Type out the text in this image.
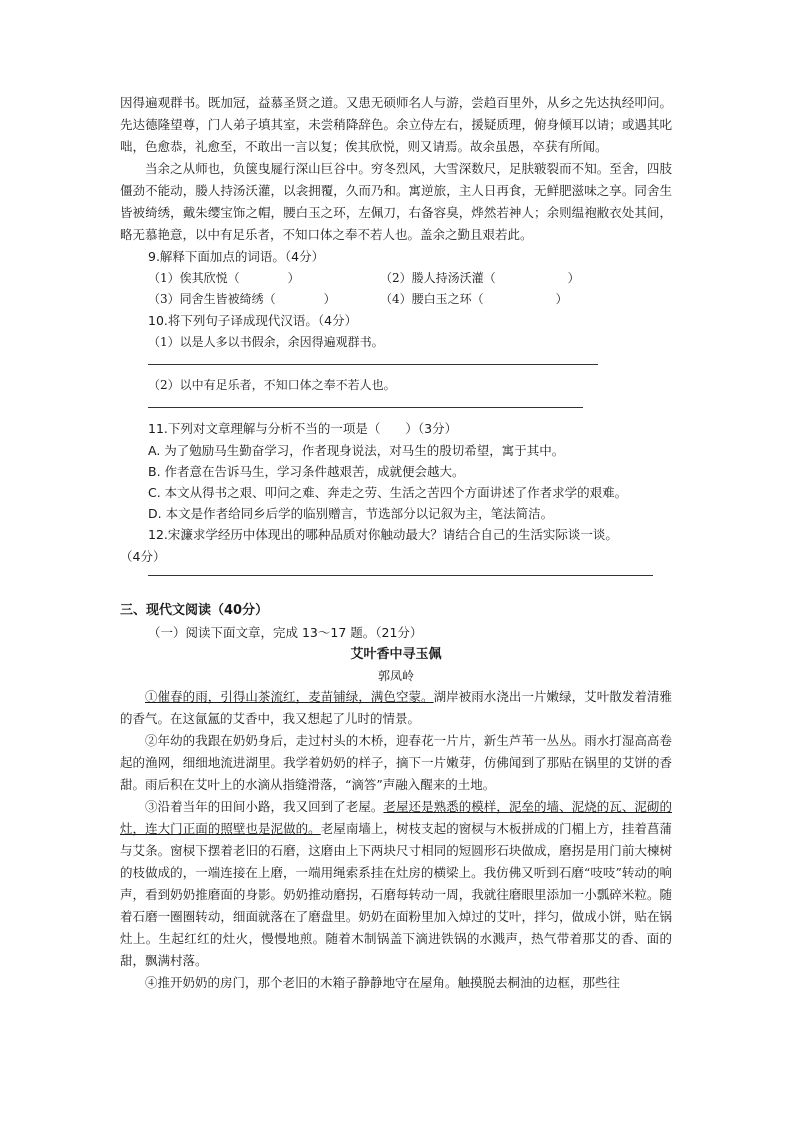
因得遍观群书。既加冠，益慕圣贤之道。又患无硕师名人与游，尝趋百里外，从乡之先达执经叩问。先达德隆望尊，门人弟子填其室，未尝稍降辞色。余立侍左右，援疑质理，俯身倾耳以请；或遇其叱咄，色愈恭，礼愈至，不敢出一言以复；俟其欣悦，则又请焉。故余虽愚，卒获有所闻。

当余之从师也，负箧曳屣行深山巨谷中。穷冬烈风，大雪深数尺，足肤皲裂而不知。至舍，四肢僵劲不能动，媵人持汤沃灌，以衾拥覆，久而乃和。寓逆旅，主人日再食，无鲜肥滋味之享。同舍生皆被绮绣，戴朱缨宝饰之帽，腰白玉之环，左佩刀，右备容臭，烨然若神人；余则缊袍敝衣处其间，略无慕艳意，以中有足乐者，不知口体之奉不若人也。盖余之勤且艰若此。

9.解释下面加点的词语。（4分）

（1）俟其欣悦（　　　　）	（2）媵人持汤沃灌（　　　　　　）
（3）同舍生皆被绮绣（　　　　）	（4）腰白玉之环（　　　　　　）

10.将下列句子译成现代汉语。（4分）

（1）以是人多以书假余，余因得遍观群书。

（2）以中有足乐者，不知口体之奉不若人也。

11.下列对文章理解与分析不当的一项是（　　）（3分）

A. 为了勉励马生勤奋学习，作者现身说法，对马生的殷切希望，寓于其中。

B. 作者意在告诉马生，学习条件越艰苦，成就便会越大。

C. 本文从得书之艰、叩问之难、奔走之劳、生活之苦四个方面讲述了作者求学的艰难。

D. 本文是作者给同乡后学的临别赠言，节选部分以记叙为主，笔法简洁。

12.宋濂求学经历中体现出的哪种品质对你触动最大？请结合自己的生活实际谈一谈。

（4分）

三、现代文阅读（40分）

（一）阅读下面文章，完成 13～17 题。（21分）

艾叶香中寻玉佩

郭凤岭

①催春的雨，引得山茶流红，麦苗铺绿，满色空蒙。湖岸被雨水浇出一片嫩绿，艾叶散发着清雅的香气。在这氤氲的艾香中，我又想起了儿时的情景。

②年幼的我跟在奶奶身后，走过村头的木桥，迎春花一片片，新生芦苇一丛丛。雨水打湿高高卷起的渔网，细细地流进湖里。我学着奶奶的样子，摘下一片嫩芽，仿佛闻到了那贴在锅里的艾饼的香甜。雨后积在艾叶上的水滴从指缝滑落，“滴答”声融入醒来的土地。

③沿着当年的田间小路，我又回到了老屋。老屋还是熟悉的模样，泥垒的墙、泥烧的瓦、泥砌的灶，连大门正面的照壁也是泥做的。老屋南墙上，树枝支起的窗棂与木板拼成的门楣上方，挂着菖蒲与艾条。窗棂下摆着老旧的石磨，这磨由上下两块尺寸相同的短圆形石块做成，磨拐是用门前大楝树的枝做成的，一端连接在上磨，一端用绳索系挂在灶房的横梁上。我仿佛又听到石磨“吱吱”转动的响声，看到奶奶推磨面的身影。奶奶推动磨拐，石磨每转动一周，我就往磨眼里添加一小瓢碎米粒。随着石磨一圈圈转动，细面就落在了磨盘里。奶奶在面粉里加入焯过的艾叶，拌匀，做成小饼，贴在锅灶上。生起红红的灶火，慢慢地煎。随着木制锅盖下滴进铁锅的水溅声，热气带着那艾的香、面的甜，飘满村落。

④推开奶奶的房门，那个老旧的木箱子静静地守在屋角。触摸脱去桐油的边框，那些往
